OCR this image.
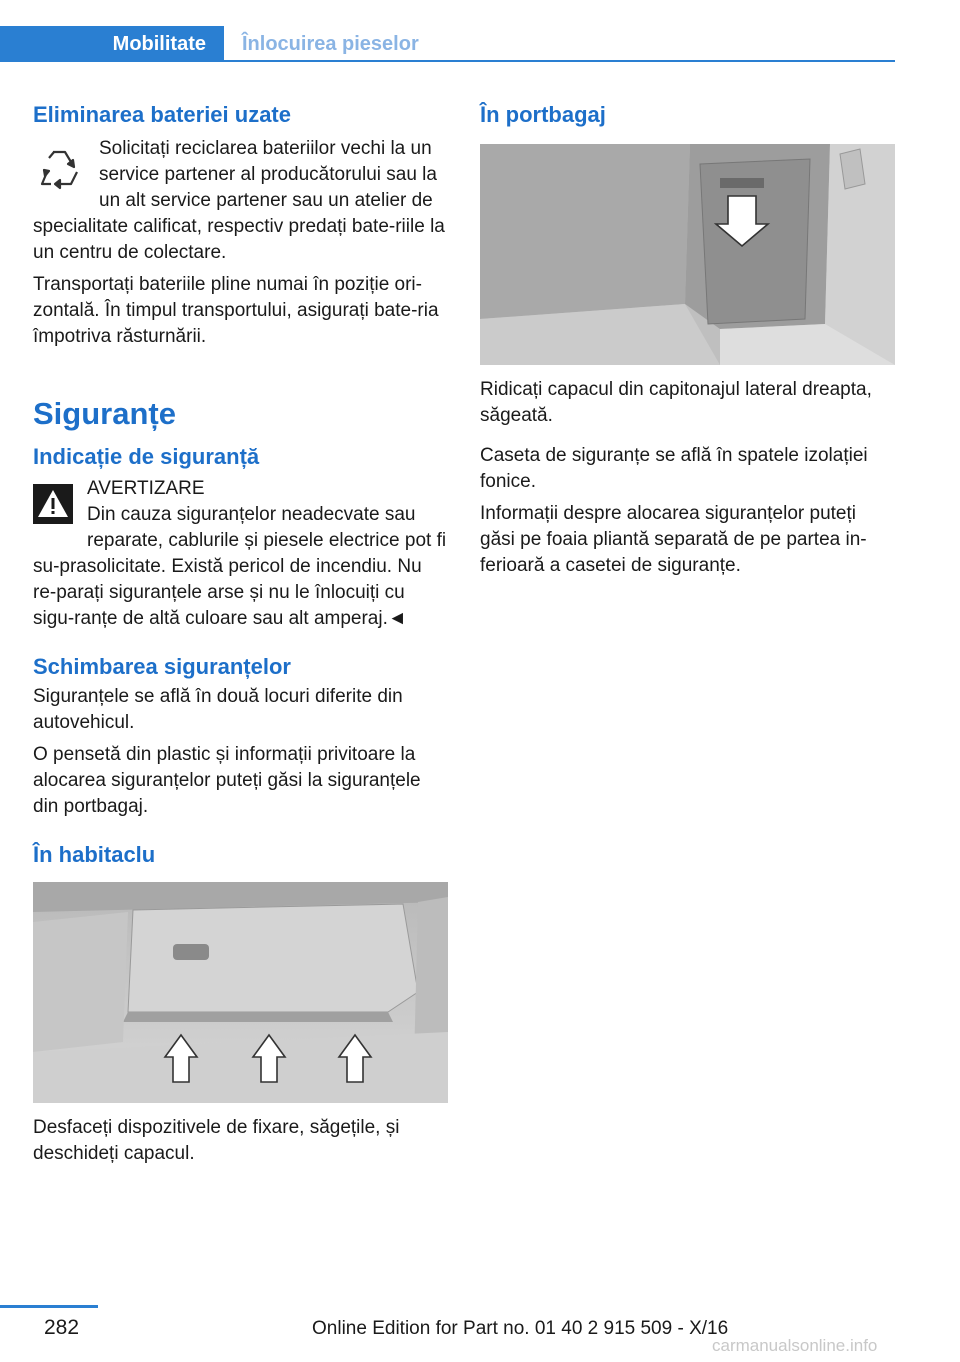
Mobilitate	Înlocuirea pieselor
Eliminarea bateriei uzate

Solicitați reciclarea bateriilor vechi la un service partener al producătorului sau la un alt service partener sau un atelier de specialitate calificat, respectiv predați bate-riile la un centru de colectare.

Transportați bateriile pline numai în poziție ori-zontală. În timpul transportului, asigurați bate-ria împotriva răsturnării.

Siguranțe
Indicație de siguranță

AVERTIZARE

Din cauza siguranțelor neadecvate sau reparate, cablurile și piesele electrice pot fi su-prasolicitate. Există pericol de incendiu. Nu re-parați siguranțele arse și nu le înlocuiți cu sigu-ranțe de altă culoare sau alt amperaj.◄

Schimbarea siguranțelor

Siguranțele se află în două locuri diferite din autovehicul.

O pensetă din plastic și informații privitoare la alocarea siguranțelor puteți găsi la siguranțele din portbagaj.

În habitaclu

Desfaceți dispozitivele de fixare, săgețile, și deschideți capacul.

În portbagaj

Ridicați capacul din capitonajul lateral dreapta, săgeată.

Caseta de siguranțe se află în spatele izolației fonice.

Informații despre alocarea siguranțelor puteți găsi pe foaia pliantă separată de pe partea in-ferioară a casetei de siguranțe.

282	Online Edition for Part no. 01 40 2 915 509 - X/16
carmanualsonline.info
